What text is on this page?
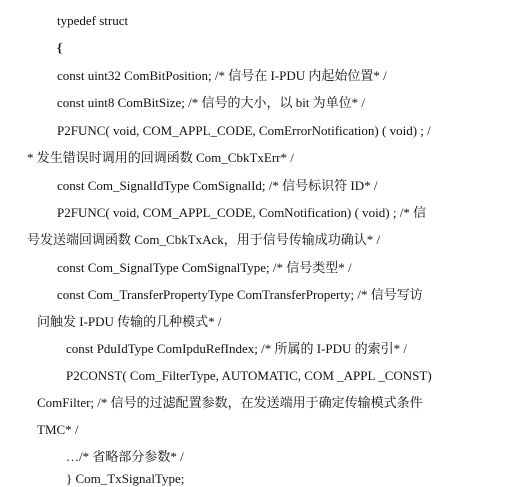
typedef struct
{
const uint32 ComBitPosition; /* 信号在 I-PDU 内起始位置* /
const uint8 ComBitSize; /* 信号的大小，以 bit 为单位* /
P2FUNC( void, COM_APPL_CODE, ComErrorNotification) ( void) ; /
* 发生错误时调用的回调函数 Com_CbkTxErr* /
const Com_SignalIdType ComSignalId; /* 信号标识符 ID* /
P2FUNC( void, COM_APPL_CODE, ComNotification) ( void) ; /* 信
号发送端回调函数 Com_CbkTxAck，用于信号传输成功确认* /
const Com_SignalType ComSignalType; /* 信号类型* /
const Com_TransferPropertyType ComTransferProperty; /* 信号写访
问触发 I-PDU 传输的几种模式* /
const PduIdType ComIpduRefIndex; /* 所属的 I-PDU 的索引* /
P2CONST( Com_FilterType, AUTOMATIC, COM _APPL _CONST)
ComFilter; /* 信号的过滤配置参数，在发送端用于确定传输模式条件
TMC* /
…/* 省略部分参数* /
} Com_TxSignalType;
